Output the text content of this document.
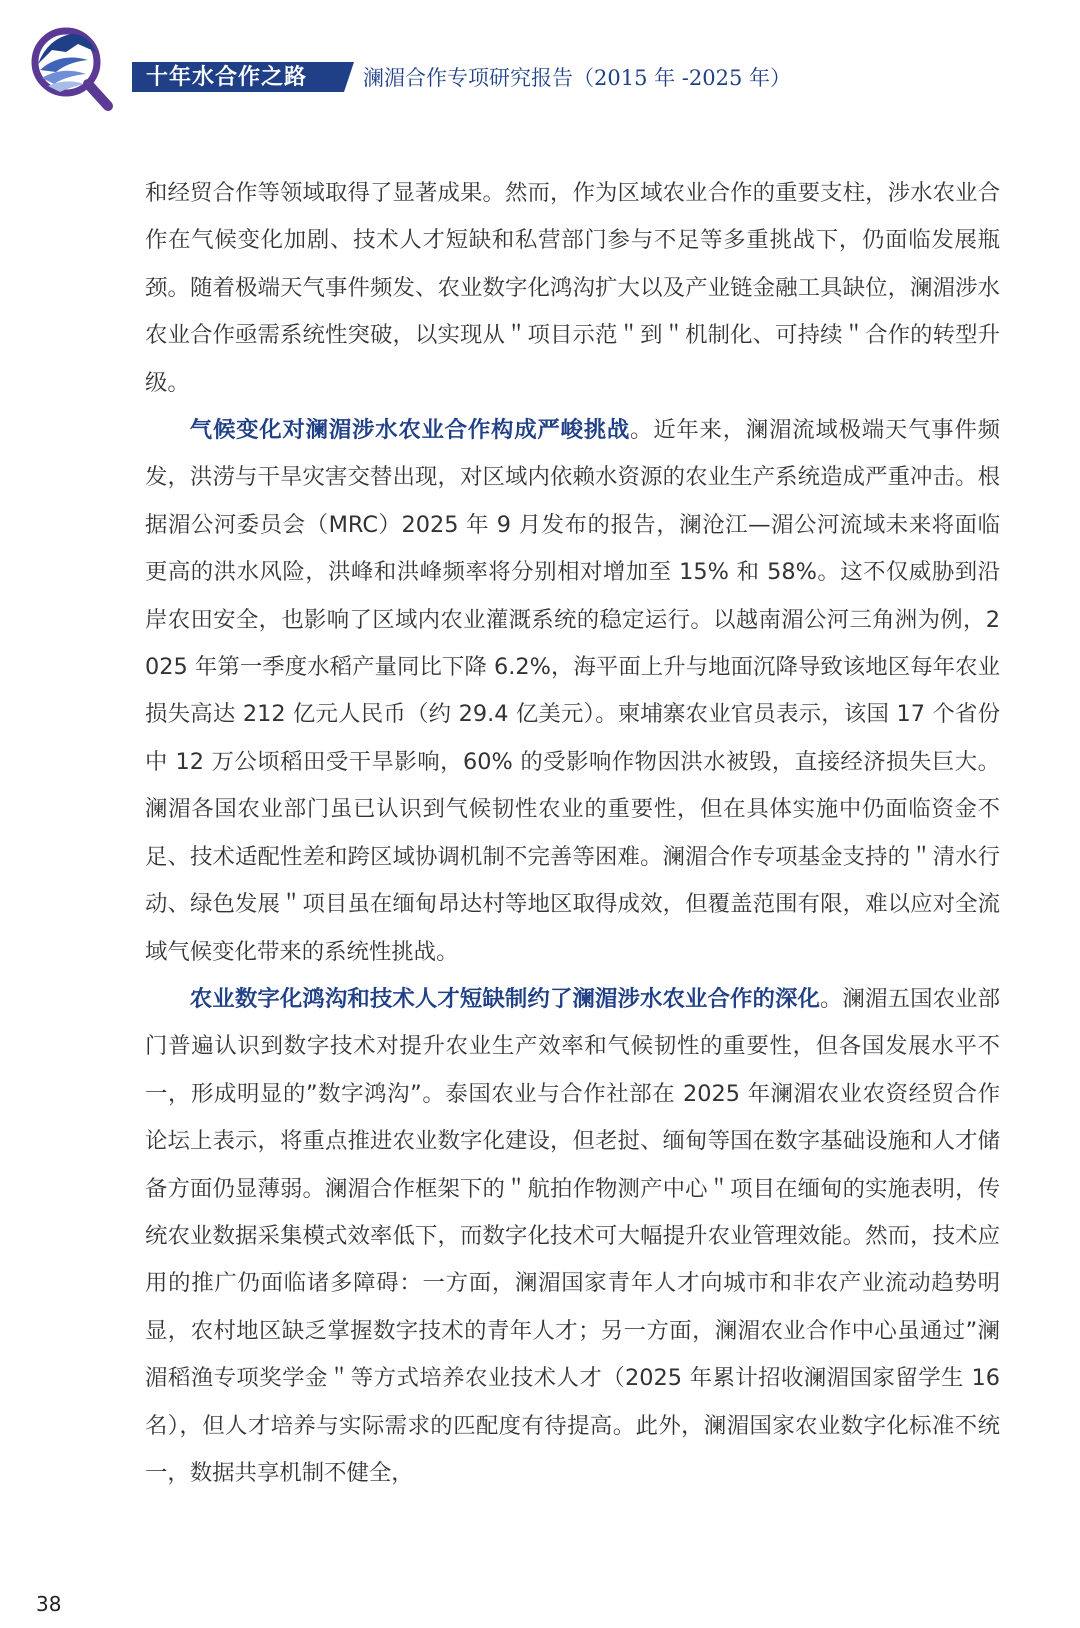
十年水合作之路	澜湄合作专项研究报告（2015 年 -2025 年）

和经贸合作等领域取得了显著成果。然而，作为区域农业合作的重要支柱，涉水农业合作在气候变化加剧、技术人才短缺和私营部门参与不足等多重挑战下，仍面临发展瓶颈。随着极端天气事件频发、农业数字化鸿沟扩大以及产业链金融工具缺位，澜湄涉水农业合作亟需系统性突破，以实现从＂项目示范＂到＂机制化、可持续＂合作的转型升级。

气候变化对澜湄涉水农业合作构成严峻挑战。近年来，澜湄流域极端天气事件频发，洪涝与干旱灾害交替出现，对区域内依赖水资源的农业生产系统造成严重冲击。根据湄公河委员会（MRC）2025 年 9 月发布的报告，澜沧江—湄公河流域未来将面临更高的洪水风险，洪峰和洪峰频率将分别相对增加至 15% 和 58%。这不仅威胁到沿岸农田安全，也影响了区域内农业灌溉系统的稳定运行。以越南湄公河三角洲为例，2025 年第一季度水稻产量同比下降 6.2%，海平面上升与地面沉降导致该地区每年农业损失高达 212 亿元人民币（约 29.4 亿美元）。柬埔寨农业官员表示，该国 17 个省份中 12 万公顷稻田受干旱影响，60% 的受影响作物因洪水被毁，直接经济损失巨大。澜湄各国农业部门虽已认识到气候韧性农业的重要性，但在具体实施中仍面临资金不足、技术适配性差和跨区域协调机制不完善等困难。澜湄合作专项基金支持的＂清水行动、绿色发展＂项目虽在缅甸昂达村等地区取得成效，但覆盖范围有限，难以应对全流域气候变化带来的系统性挑战。

农业数字化鸿沟和技术人才短缺制约了澜湄涉水农业合作的深化。澜湄五国农业部门普遍认识到数字技术对提升农业生产效率和气候韧性的重要性，但各国发展水平不一，形成明显的”数字鸿沟”。泰国农业与合作社部在 2025 年澜湄农业农资经贸合作论坛上表示，将重点推进农业数字化建设，但老挝、缅甸等国在数字基础设施和人才储备方面仍显薄弱。澜湄合作框架下的＂航拍作物测产中心＂项目在缅甸的实施表明，传统农业数据采集模式效率低下，而数字化技术可大幅提升农业管理效能。然而，技术应用的推广仍面临诸多障碍：一方面，澜湄国家青年人才向城市和非农产业流动趋势明显，农村地区缺乏掌握数字技术的青年人才；另一方面，澜湄农业合作中心虽通过”澜湄稻渔专项奖学金＂等方式培养农业技术人才（2025 年累计招收澜湄国家留学生 16 名），但人才培养与实际需求的匹配度有待提高。此外，澜湄国家农业数字化标准不统一，数据共享机制不健全，

38
